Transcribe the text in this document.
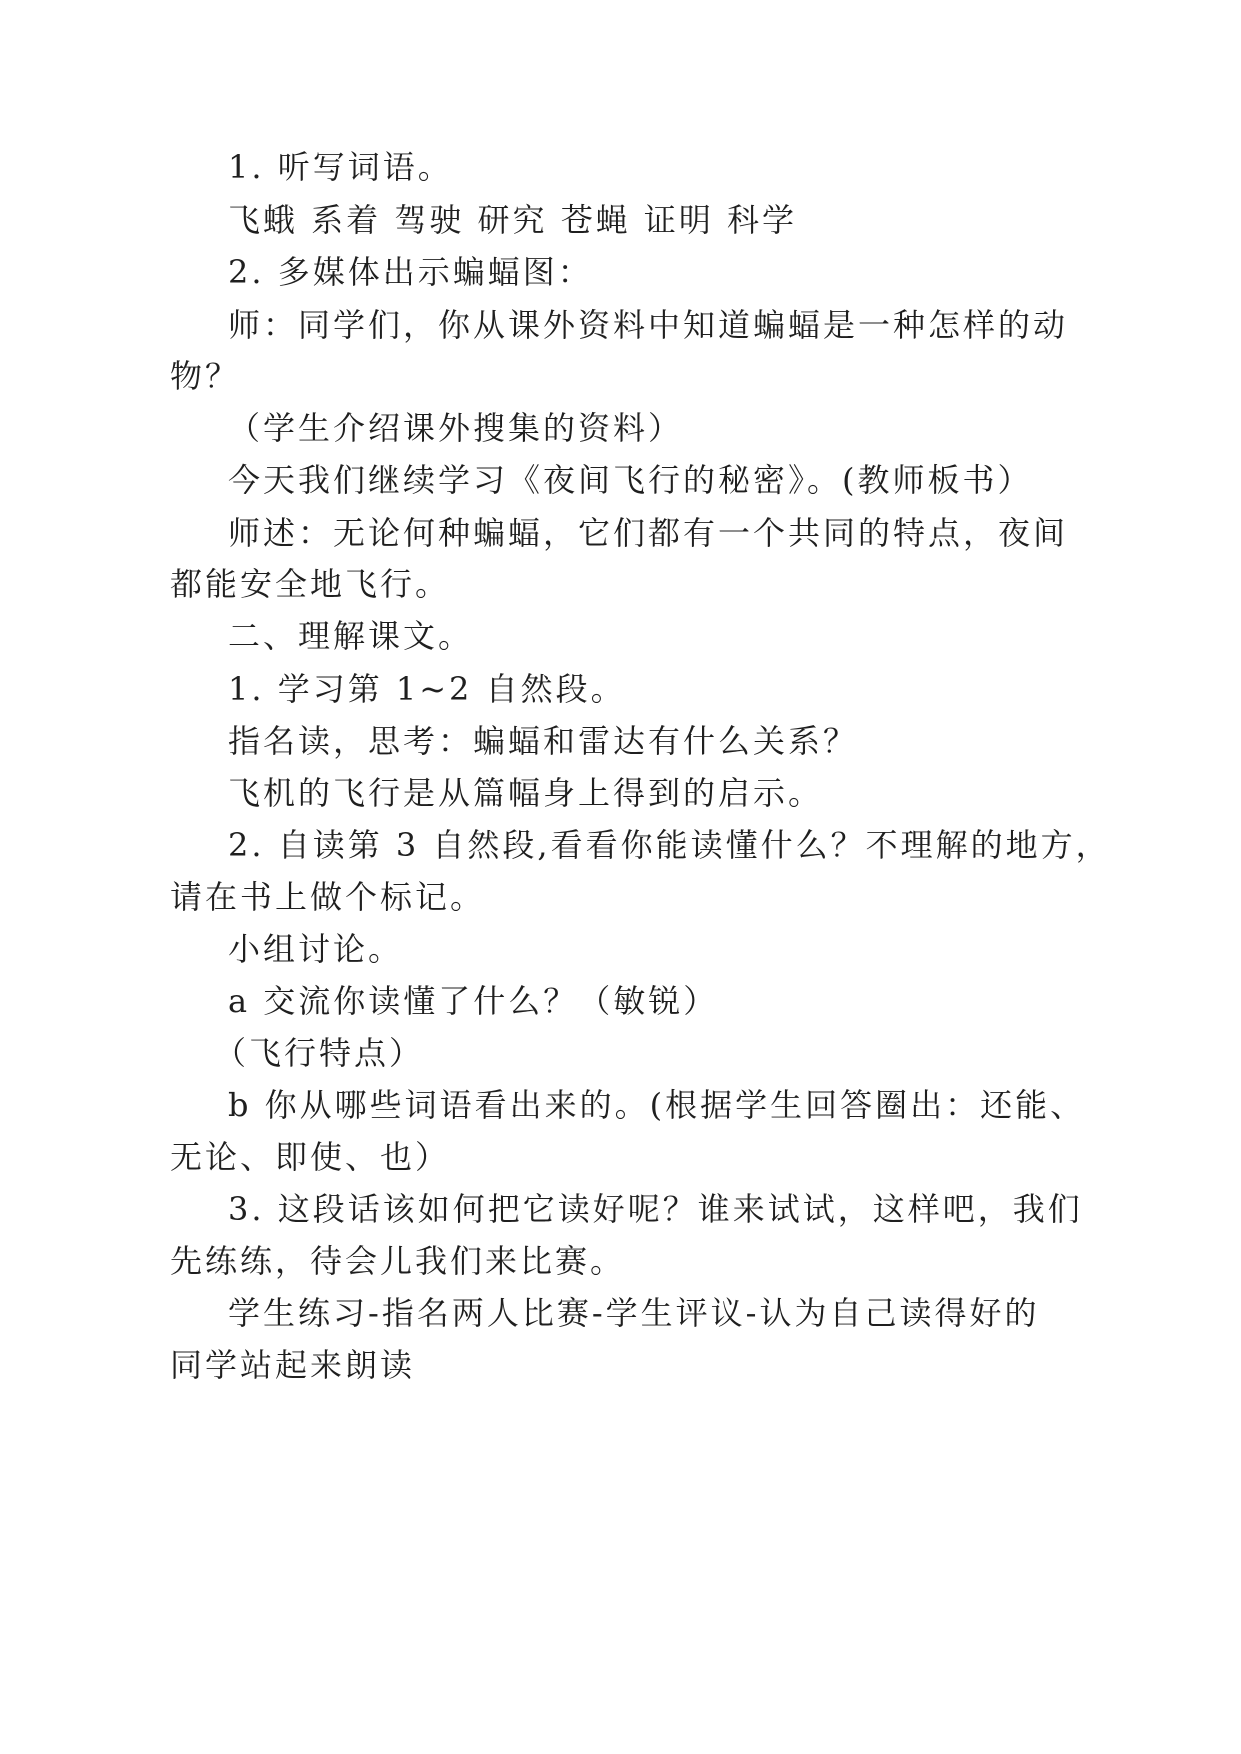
1. 听写词语。
飞蛾 系着 驾驶 研究 苍蝇 证明 科学
2. 多媒体出示蝙蝠图：
师：同学们，你从课外资料中知道蝙蝠是一种怎样的动
物？
（学生介绍课外搜集的资料）
今天我们继续学习《夜间飞行的秘密》。(教师板书）
师述：无论何种蝙蝠，它们都有一个共同的特点，夜间
都能安全地飞行。
二、理解课文。
1. 学习第 1~2 自然段。
指名读，思考：蝙蝠和雷达有什么关系？
飞机的飞行是从篇幅身上得到的启示。
2. 自读第 3 自然段,看看你能读懂什么？不理解的地方，
请在书上做个标记。
小组讨论。
a 交流你读懂了什么？（敏锐）
（飞行特点）
b 你从哪些词语看出来的。(根据学生回答圈出：还能、
无论、即使、也）
3. 这段话该如何把它读好呢？谁来试试，这样吧，我们
先练练，待会儿我们来比赛。
学生练习-指名两人比赛-学生评议-认为自己读得好的
同学站起来朗读
